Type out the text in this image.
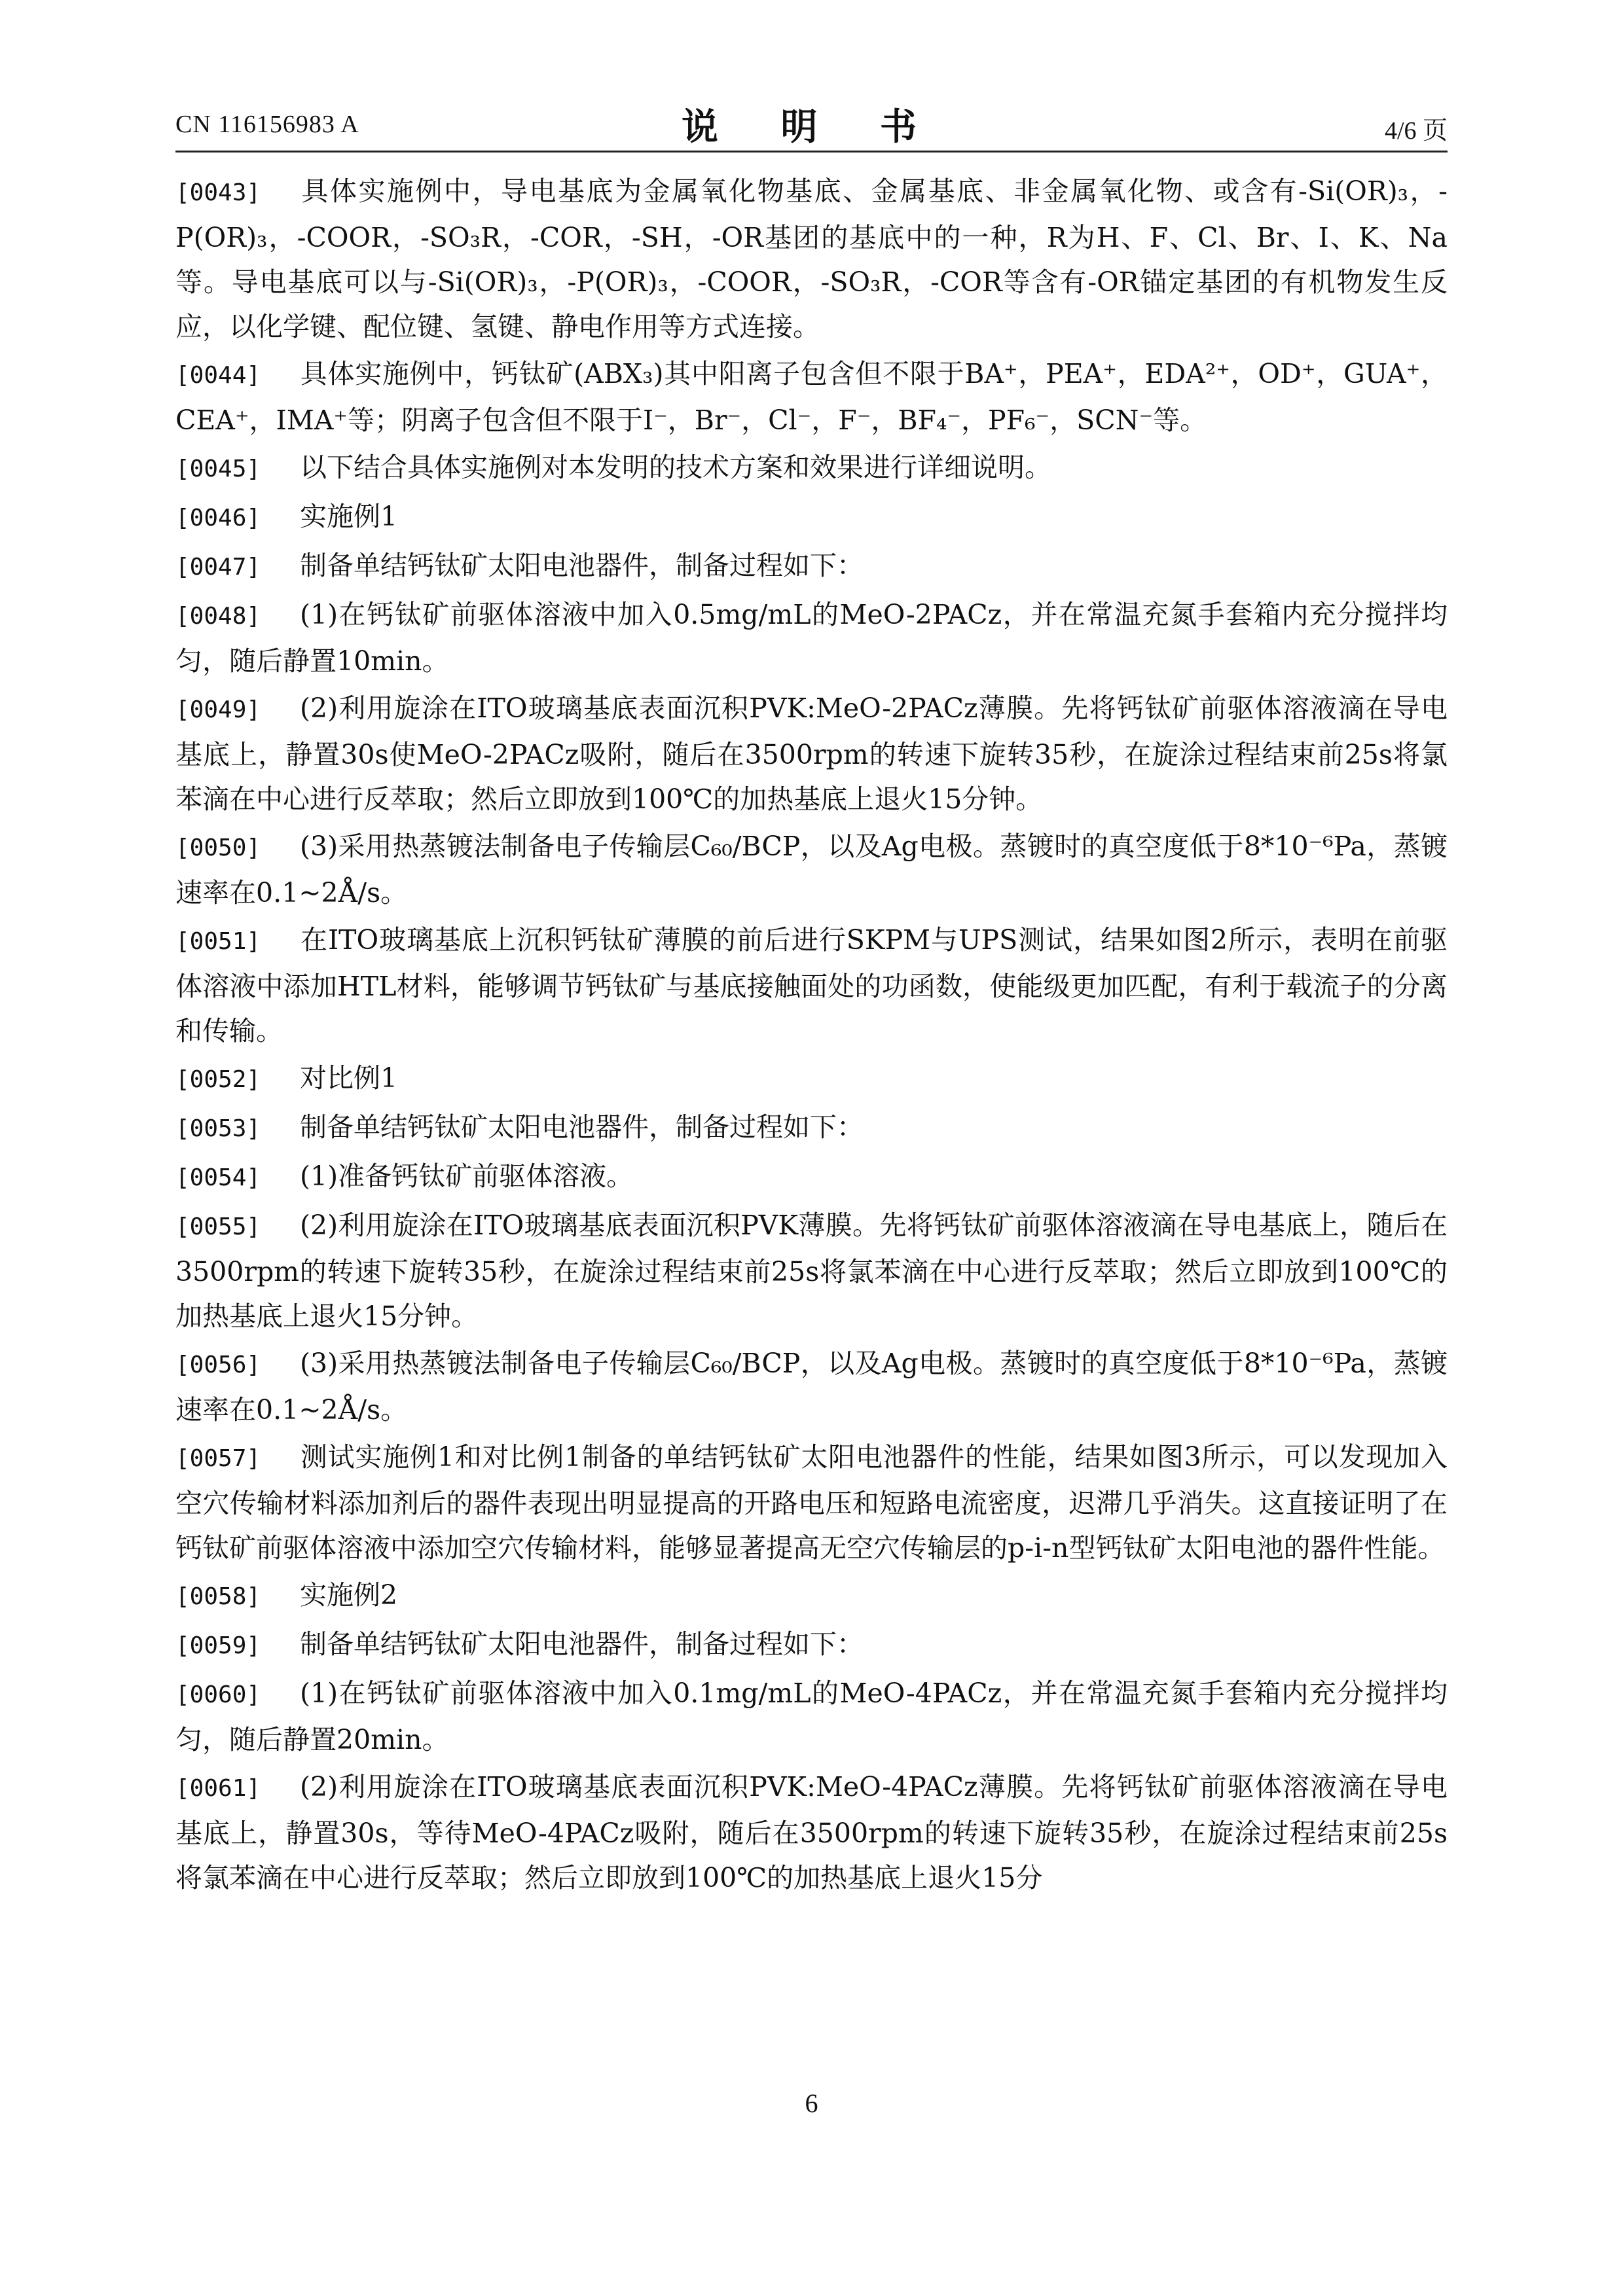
CN 116156983 A	说 明 书	4/6 页

[0043] 具体实施例中，导电基底为金属氧化物基底、金属基底、非金属氧化物、或含有-Si(OR)₃，-P(OR)₃，-COOR，-SO₃R，-COR，-SH，-OR基团的基底中的一种，R为H、F、Cl、Br、I、K、Na等。导电基底可以与-Si(OR)₃，-P(OR)₃，-COOR，-SO₃R，-COR等含有-OR锚定基团的有机物发生反应，以化学键、配位键、氢键、静电作用等方式连接。

[0044] 具体实施例中，钙钛矿(ABX₃)其中阳离子包含但不限于BA⁺，PEA⁺，EDA²⁺，OD⁺，GUA⁺，CEA⁺，IMA⁺等；阴离子包含但不限于I⁻，Br⁻，Cl⁻，F⁻，BF₄⁻，PF₆⁻，SCN⁻等。

[0045] 以下结合具体实施例对本发明的技术方案和效果进行详细说明。

[0046] 实施例1

[0047] 制备单结钙钛矿太阳电池器件，制备过程如下：

[0048] (1)在钙钛矿前驱体溶液中加入0.5mg/mL的MeO-2PACz，并在常温充氮手套箱内充分搅拌均匀，随后静置10min。

[0049] (2)利用旋涂在ITO玻璃基底表面沉积PVK:MeO-2PACz薄膜。先将钙钛矿前驱体溶液滴在导电基底上，静置30s使MeO-2PACz吸附，随后在3500rpm的转速下旋转35秒，在旋涂过程结束前25s将氯苯滴在中心进行反萃取；然后立即放到100℃的加热基底上退火15分钟。

[0050] (3)采用热蒸镀法制备电子传输层C₆₀/BCP，以及Ag电极。蒸镀时的真空度低于8*10⁻⁶Pa，蒸镀速率在0.1~2Å/s。

[0051] 在ITO玻璃基底上沉积钙钛矿薄膜的前后进行SKPM与UPS测试，结果如图2所示，表明在前驱体溶液中添加HTL材料，能够调节钙钛矿与基底接触面处的功函数，使能级更加匹配，有利于载流子的分离和传输。

[0052] 对比例1

[0053] 制备单结钙钛矿太阳电池器件，制备过程如下：

[0054] (1)准备钙钛矿前驱体溶液。

[0055] (2)利用旋涂在ITO玻璃基底表面沉积PVK薄膜。先将钙钛矿前驱体溶液滴在导电基底上，随后在3500rpm的转速下旋转35秒，在旋涂过程结束前25s将氯苯滴在中心进行反萃取；然后立即放到100℃的加热基底上退火15分钟。

[0056] (3)采用热蒸镀法制备电子传输层C₆₀/BCP，以及Ag电极。蒸镀时的真空度低于8*10⁻⁶Pa，蒸镀速率在0.1~2Å/s。

[0057] 测试实施例1和对比例1制备的单结钙钛矿太阳电池器件的性能，结果如图3所示，可以发现加入空穴传输材料添加剂后的器件表现出明显提高的开路电压和短路电流密度，迟滞几乎消失。这直接证明了在钙钛矿前驱体溶液中添加空穴传输材料，能够显著提高无空穴传输层的p-i-n型钙钛矿太阳电池的器件性能。

[0058] 实施例2

[0059] 制备单结钙钛矿太阳电池器件，制备过程如下：

[0060] (1)在钙钛矿前驱体溶液中加入0.1mg/mL的MeO-4PACz，并在常温充氮手套箱内充分搅拌均匀，随后静置20min。

[0061] (2)利用旋涂在ITO玻璃基底表面沉积PVK:MeO-4PACz薄膜。先将钙钛矿前驱体溶液滴在导电基底上，静置30s，等待MeO-4PACz吸附，随后在3500rpm的转速下旋转35秒，在旋涂过程结束前25s将氯苯滴在中心进行反萃取；然后立即放到100℃的加热基底上退火15分

6
